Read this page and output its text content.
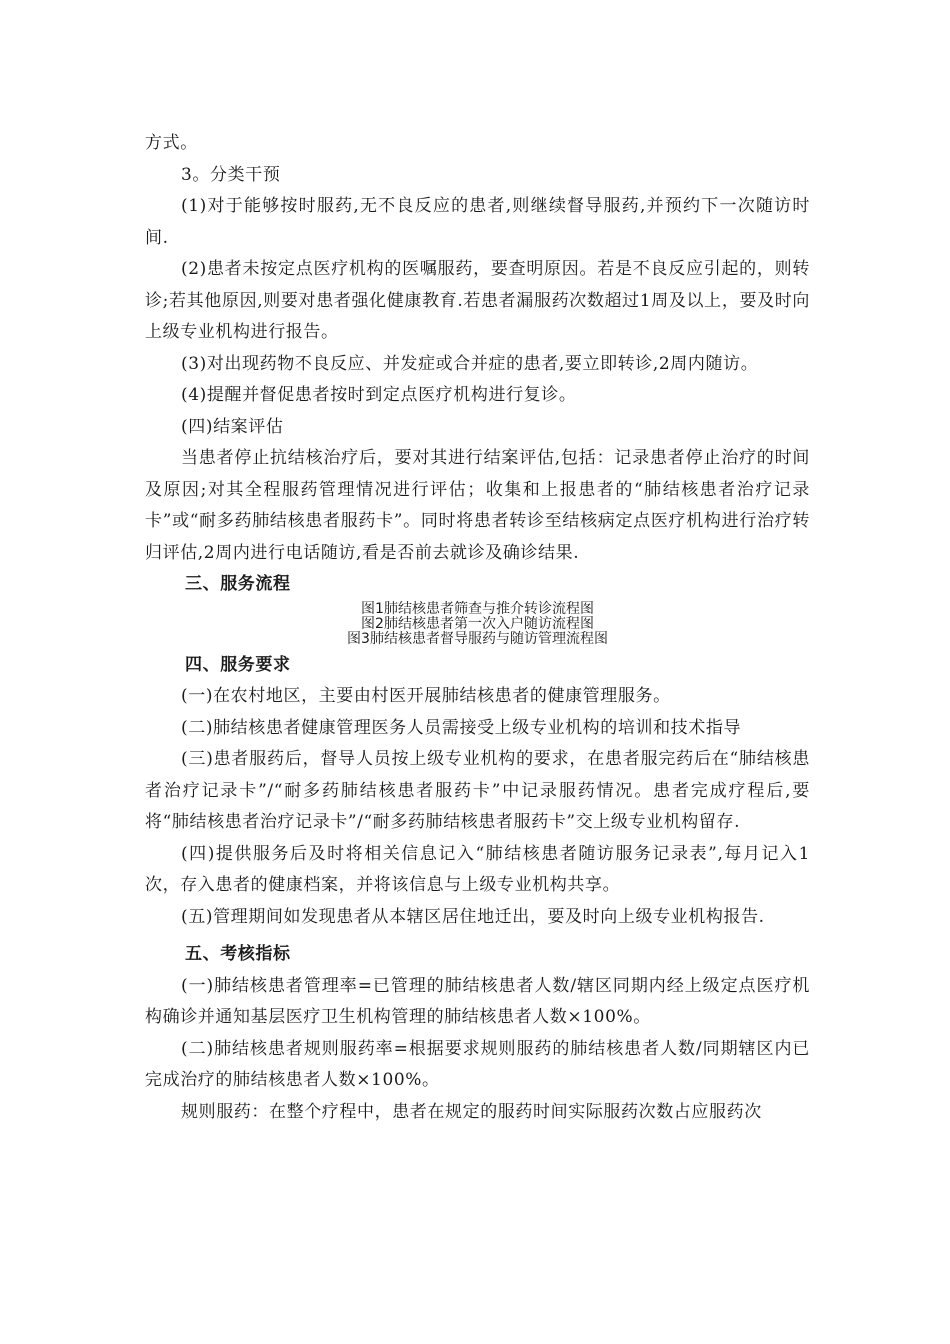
方式。
3。分类干预
(1)对于能够按时服药,无不良反应的患者,则继续督导服药,并预约下一次随访时间.
(2)患者未按定点医疗机构的医嘱服药，要查明原因。若是不良反应引起的，则转诊;若其他原因,则要对患者强化健康教育.若患者漏服药次数超过1周及以上，要及时向上级专业机构进行报告。
(3)对出现药物不良反应、并发症或合并症的患者,要立即转诊,2周内随访。
(4)提醒并督促患者按时到定点医疗机构进行复诊。
(四)结案评估
当患者停止抗结核治疗后，要对其进行结案评估,包括：记录患者停止治疗的时间及原因;对其全程服药管理情况进行评估；收集和上报患者的“肺结核患者治疗记录卡”或“耐多药肺结核患者服药卡”。同时将患者转诊至结核病定点医疗机构进行治疗转归评估,2周内进行电话随访,看是否前去就诊及确诊结果.
三、服务流程
图1肺结核患者筛查与推介转诊流程图
图2肺结核患者第一次入户随访流程图
图3肺结核患者督导服药与随访管理流程图
四、服务要求
(一)在农村地区，主要由村医开展肺结核患者的健康管理服务。
(二)肺结核患者健康管理医务人员需接受上级专业机构的培训和技术指导
(三)患者服药后，督导人员按上级专业机构的要求，在患者服完药后在“肺结核患者治疗记录卡”/“耐多药肺结核患者服药卡”中记录服药情况。患者完成疗程后,要将“肺结核患者治疗记录卡”/“耐多药肺结核患者服药卡”交上级专业机构留存.
(四)提供服务后及时将相关信息记入“肺结核患者随访服务记录表”,每月记入1次，存入患者的健康档案，并将该信息与上级专业机构共享。
(五)管理期间如发现患者从本辖区居住地迁出，要及时向上级专业机构报告.
五、考核指标
(一)肺结核患者管理率=已管理的肺结核患者人数/辖区同期内经上级定点医疗机构确诊并通知基层医疗卫生机构管理的肺结核患者人数×100%。
(二)肺结核患者规则服药率=根据要求规则服药的肺结核患者人数/同期辖区内已完成治疗的肺结核患者人数×100%。
规则服药：在整个疗程中，患者在规定的服药时间实际服药次数占应服药次
